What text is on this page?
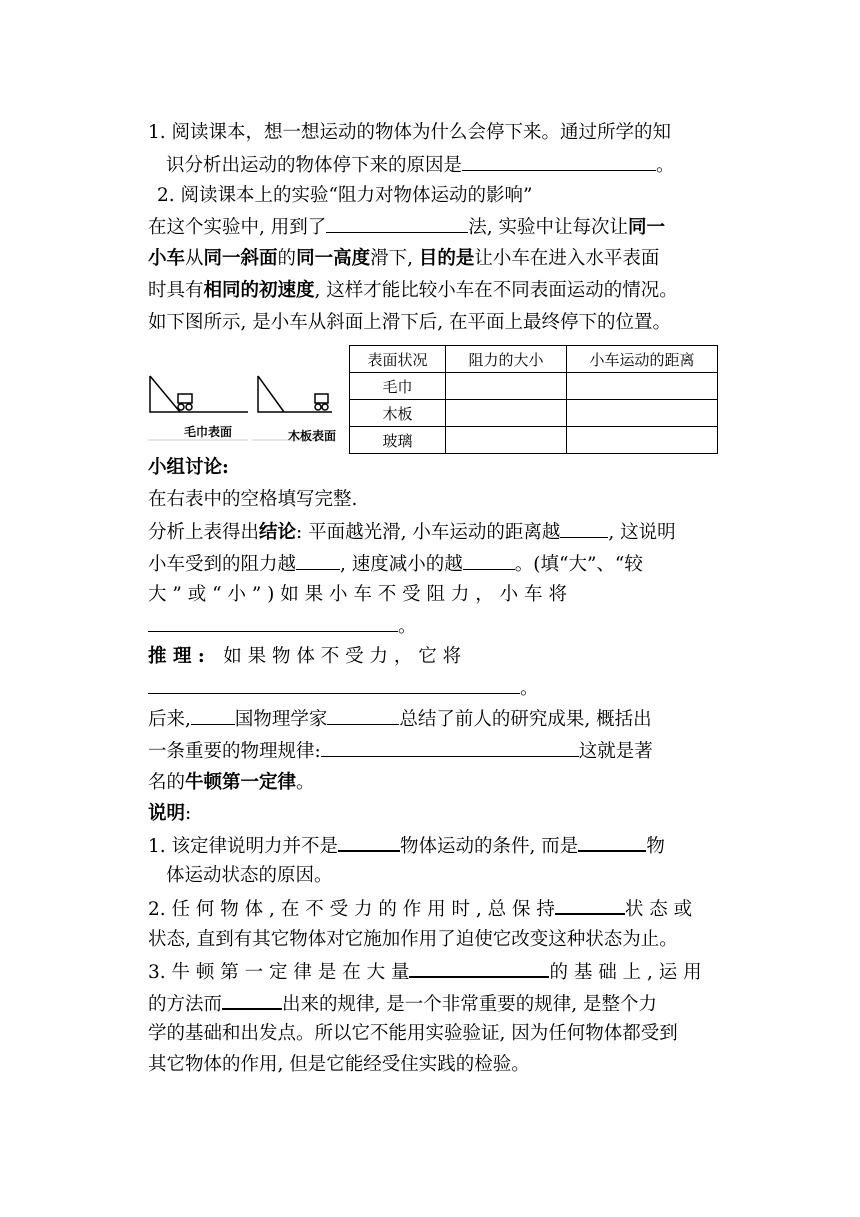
1. 阅读课本，想一想运动的物体为什么会停下来。通过所学的知
识分析出运动的物体停下来的原因是	。
2. 阅读课本上的实验“阻力对物体运动的影响”
在这个实验中, 用到了	法, 实验中让每次让同一
小车从同一斜面的同一高度滑下, 目的是让小车在进入水平表面
时具有相同的初速度, 这样才能比较小车在不同表面运动的情况。
如下图所示, 是小车从斜面上滑下后, 在平面上最终停下的位置。
毛巾表面	木板表面
表面状况	阻力的大小	小车运动的距离
毛巾		
木板		
玻璃		
小组讨论:
在右表中的空格填写完整.
分析上表得出结论: 平面越光滑, 小车运动的距离越	, 这说明
小车受到的阻力越 , 速度减小的越	。(填“大”、“较
大 ” 或 “ 小 ” ) 如 果 小 车 不 受 阻 力 ， 小 车 将
。
推 理 :　 如 果 物 体 不 受 力 ， 它 将
。
后来, 国物理学家	总结了前人的研究成果, 概括出
一条重要的物理规律:	这就是著
名的牛顿第一定律。
说明:
1. 该定律说明力并不是	物体运动的条件, 而是	物
体运动状态的原因。
2. 任 何 物 体 , 在 不 受 力 的 作 用 时 , 总 保 持	状 态 或
状态, 直到有其它物体对它施加作用了迫使它改变这种状态为止。
3. 牛 顿 第 一 定 律 是 在 大 量	的 基 础 上 , 运 用
的方法而	出来的规律, 是一个非常重要的规律, 是整个力
学的基础和出发点。所以它不能用实验验证, 因为任何物体都受到
其它物体的作用, 但是它能经受住实践的检验。
